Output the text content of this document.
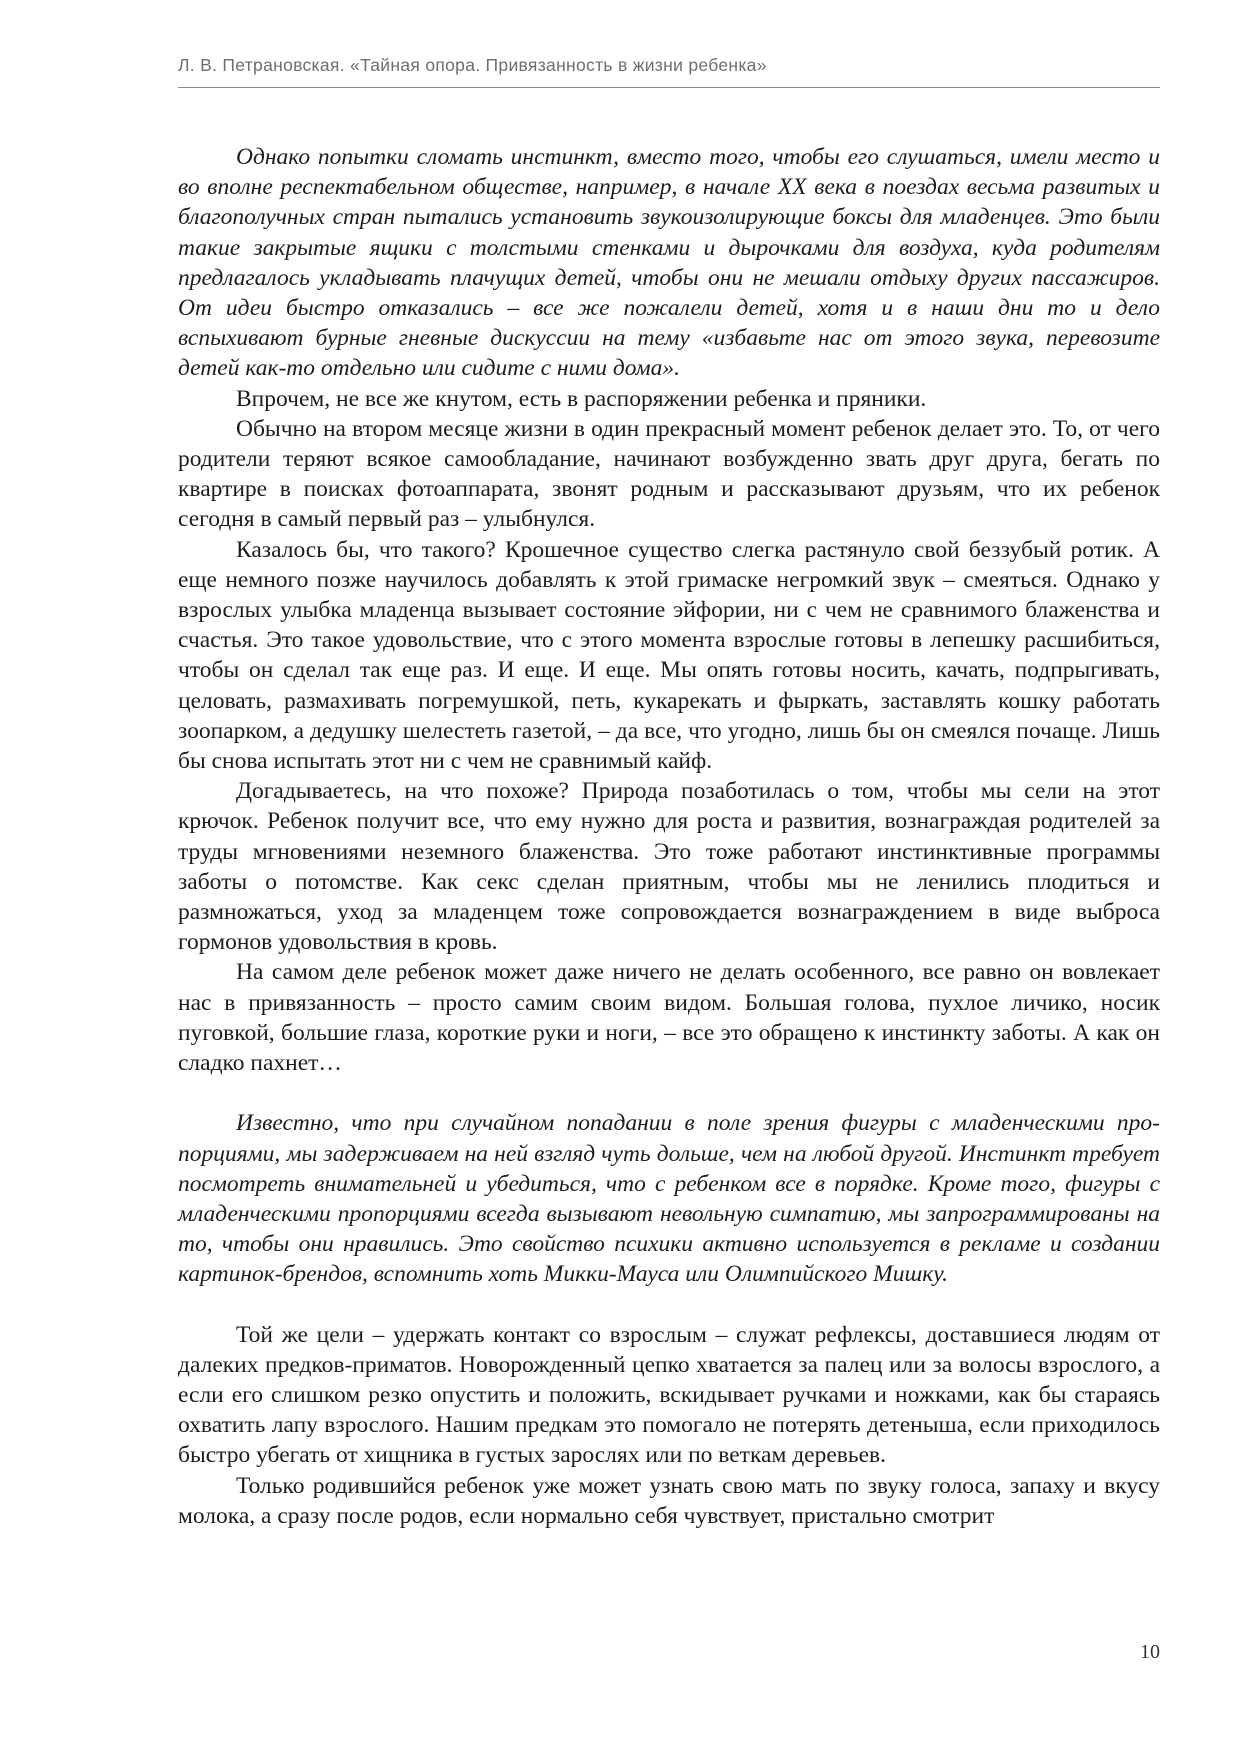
Л. В. Петрановская. «Тайная опора. Привязанность в жизни ребенка»

Однако попытки сломать инстинкт, вместо того, чтобы его слушаться, имели место и во вполне респектабельном обществе, например, в начале XX века в поездах весьма развитых и благополучных стран пытались установить звукоизолирующие боксы для младенцев. Это были такие закрытые ящики с толстыми стенками и дырочками для воздуха, куда родителям предлагалось укладывать плачущих детей, чтобы они не мешали отдыху других пассажиров. От идеи быстро отказались – все же пожалели детей, хотя и в наши дни то и дело вспыхивают бурные гневные дискуссии на тему «избавьте нас от этого звука, перевозите детей как-то отдельно или сидите с ними дома».

Впрочем, не все же кнутом, есть в распоряжении ребенка и пряники.

Обычно на втором месяце жизни в один прекрасный момент ребенок делает это. То, от чего родители теряют всякое самообладание, начинают возбужденно звать друг друга, бегать по квартире в поисках фотоаппарата, звонят родным и рассказывают друзьям, что их ребенок сегодня в самый первый раз – улыбнулся.

Казалось бы, что такого? Крошечное существо слегка растянуло свой беззубый ротик. А еще немного позже научилось добавлять к этой гримаске негромкий звук – смеяться. Однако у взрослых улыбка младенца вызывает состояние эйфории, ни с чем не сравнимого блаженства и счастья. Это такое удовольствие, что с этого момента взрослые готовы в лепешку расшибиться, чтобы он сделал так еще раз. И еще. И еще. Мы опять готовы носить, качать, подпрыгивать, целовать, размахивать погремушкой, петь, кукарекать и фыркать, заставлять кошку работать зоопарком, а дедушку шелестеть газетой, – да все, что угодно, лишь бы он смеялся почаще. Лишь бы снова испытать этот ни с чем не сравнимый кайф.

Догадываетесь, на что похоже? Природа позаботилась о том, чтобы мы сели на этот крючок. Ребенок получит все, что ему нужно для роста и развития, вознаграждая родителей за труды мгновениями неземного блаженства. Это тоже работают инстинктивные программы заботы о потомстве. Как секс сделан приятным, чтобы мы не ленились плодиться и размножаться, уход за младенцем тоже сопровождается вознаграждением в виде выброса гормонов удовольствия в кровь.

На самом деле ребенок может даже ничего не делать особенного, все равно он вовлекает нас в привязанность – просто самим своим видом. Большая голова, пухлое личико, носик пуговкой, большие глаза, короткие руки и ноги, – все это обращено к инстинкту заботы. А как он сладко пахнет…

Известно, что при случайном попадании в поле зрения фигуры с младенческими пропорциями, мы задерживаем на ней взгляд чуть дольше, чем на любой другой. Инстинкт требует посмотреть внимательней и убедиться, что с ребенком все в порядке. Кроме того, фигуры с младенческими пропорциями всегда вызывают невольную симпатию, мы запрограммированы на то, чтобы они нравились. Это свойство психики активно используется в рекламе и создании картинок-брендов, вспомнить хоть Микки-Мауса или Олимпийского Мишку.

Той же цели – удержать контакт со взрослым – служат рефлексы, доставшиеся людям от далеких предков-приматов. Новорожденный цепко хватается за палец или за волосы взрослого, а если его слишком резко опустить и положить, вскидывает ручками и ножками, как бы стараясь охватить лапу взрослого. Нашим предкам это помогало не потерять детеныша, если приходилось быстро убегать от хищника в густых зарослях или по веткам деревьев.

Только родившийся ребенок уже может узнать свою мать по звуку голоса, запаху и вкусу молока, а сразу после родов, если нормально себя чувствует, пристально смотрит

10
